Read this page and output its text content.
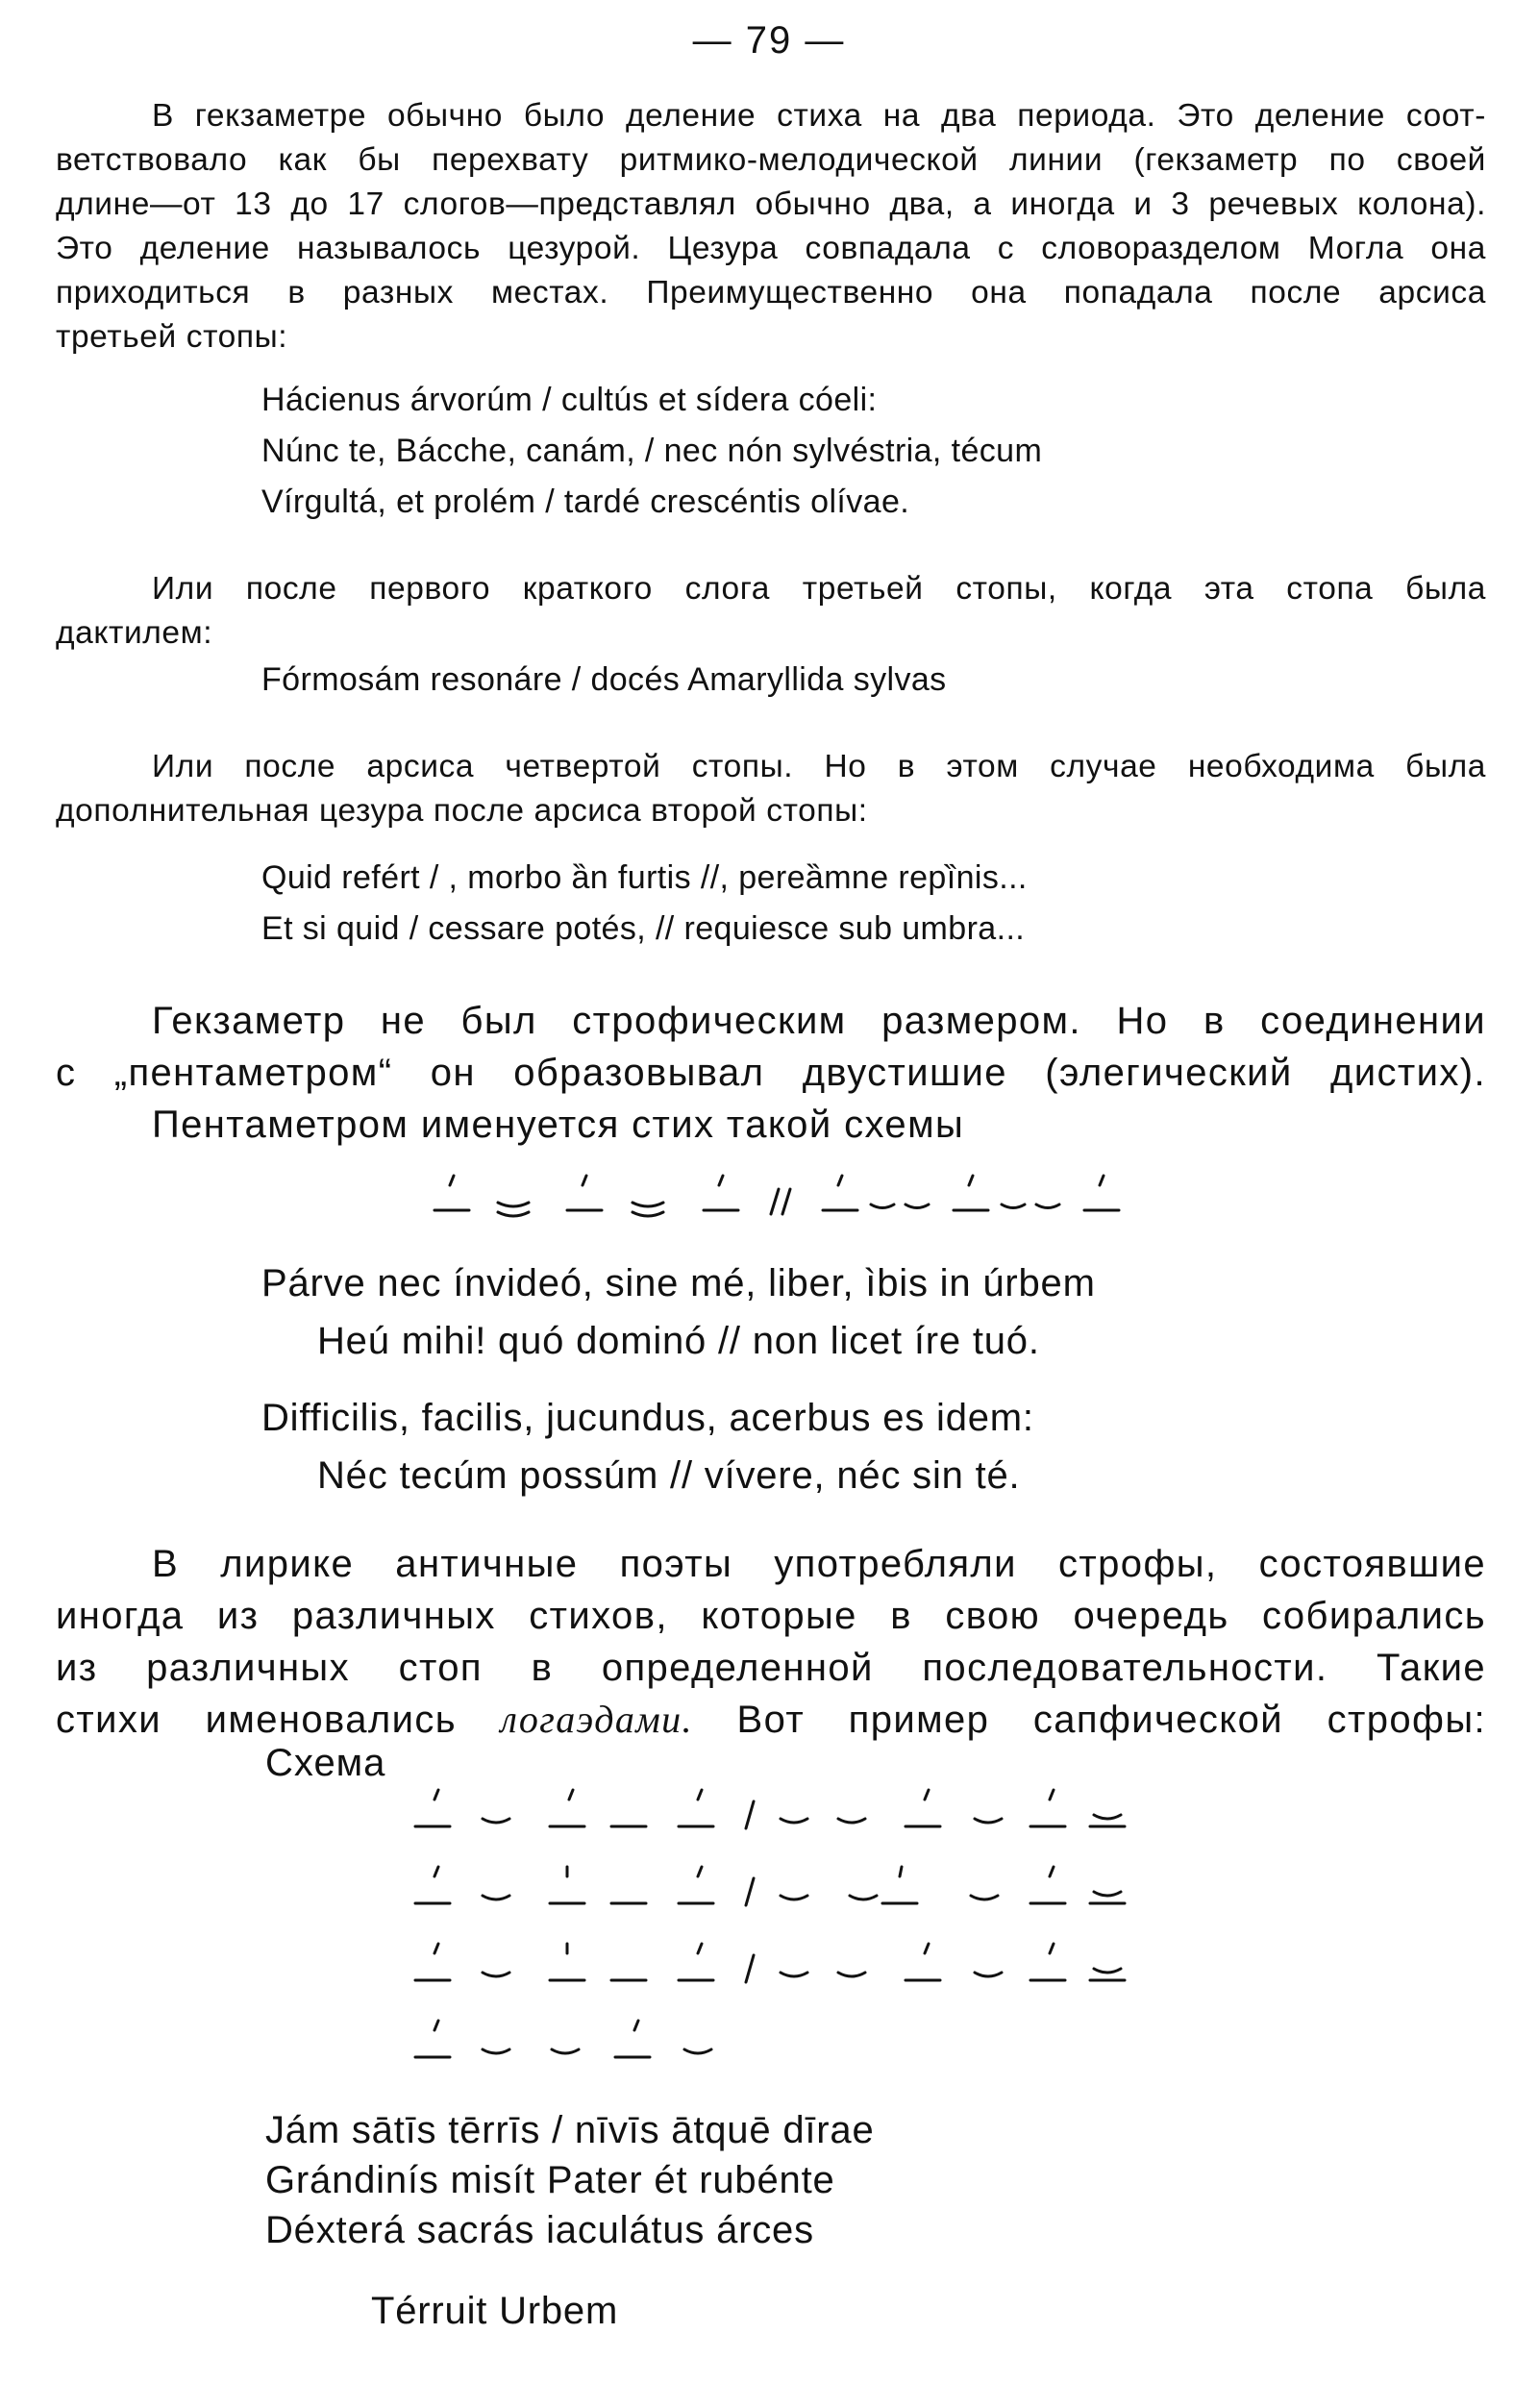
— 79 —
В гекзаметре обычно было деление стиха на два периода. Это деление соот-
ветствовало как бы перехвату ритмико-мелодической линии (гекзаметр по своей
длине—от 13 до 17 слогов—представлял обычно два, а иногда и 3 речевых колона).
Это деление называлось цезурой. Цезура совпадала с словоразделом Могла она
приходиться в разных местах. Преимущественно она попадала после арсиса
третьей стопы:
Hácienus árvorúm / cultús et sídera cóeli:
Núnc te, Bácche, canám, / nec nón sylvéstria, técum
Vírgultá, et prolém / tardé crescéntis olívae.
Или после первого краткого слога третьей стопы, когда эта стопа была
дактилем:
Fórmosám resonáre / docés Amaryllida sylvas
Или после арсиса четвертой стопы. Но в этом случае необходима была
дополнительная цезура после арсиса второй стопы:
Quid refért / , morbo ȁn furtis //, pereȁmne repȉnis...
Et si quid / cessare potés, // requiesce sub umbra...
Гекзаметр не был строфическим размером. Но в соединении
с „пентаметром“ он образовывал двустишие (элегический дистих).
Пентаметром именуется стих такой схемы
Párve nec ínvideó, sine mé, liber, ìbis in úrbem
Heú mihi! quó dominó // non licet íre tuó.
Difficilis, facilis, jucundus, acerbus es idem:
Néc tecúm possúm // vívere, néc sin té.
В лирике античные поэты употребляли строфы, состоявшие
иногда из различных стихов, которые в свою очередь собирались
из различных стоп в определенной последовательности. Такие
стихи именовались логаэдами. Вот пример сапфической строфы:
Схема
Jám sātīs tērrīs / nīvīs ātquē dīrae
Grándinís misít Pater ét rubénte
Déxterá sacrás iaculátus árces
Térruit Urbem
